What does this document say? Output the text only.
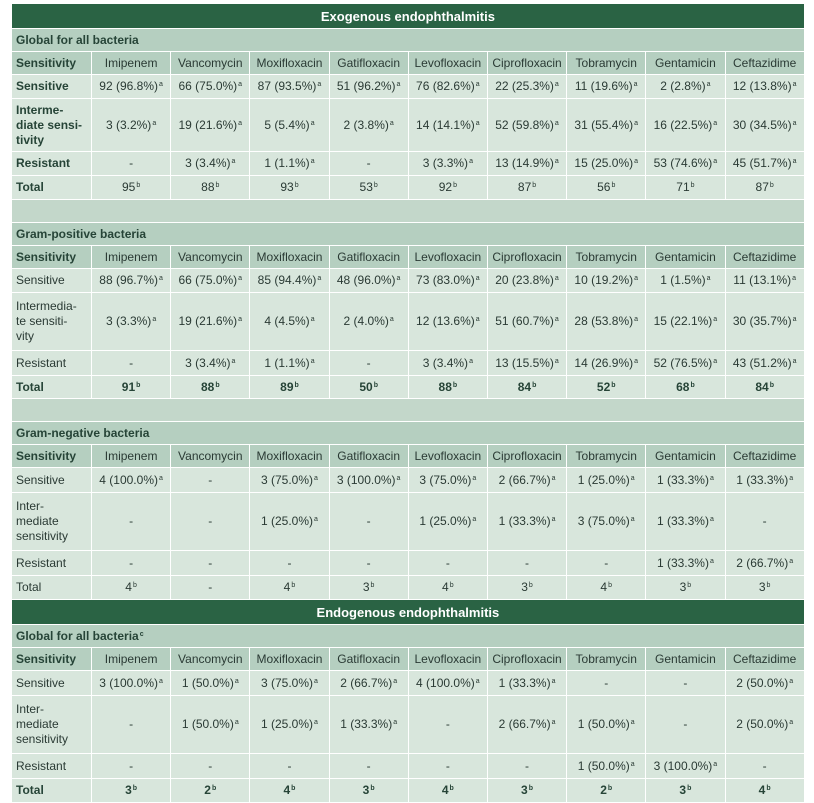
Exogenous endophthalmitis									
Global for all bacteria									
Sensitivity	Imipenem	Vancomycin	Moxifloxacin	Gatifloxacin	Levofloxacin	Ciprofloxacin	Tobramycin	Gentamicin	Ceftazidime
Sensitive	92 $(96.8\%)^a$	66 $(75.0\%)^a$	87 $(93.5\%)^a$	51 $(96.2\%)^a$	76 $(82.6\%)^a$	22 $(25.3\%)^a$	11 $(19.6\%)^a$	2 $(2.8\%)^a$	12 $(13.8\%)^a$
Interme-
diate sensi-
tivity	3 $(3.2\%)^a$	19 $(21.6\%)^a$	5 $(5.4\%)^a$	2 $(3.8\%)^a$	14 $(14.1\%)^a$	52 $(59.8\%)^a$	31 $(55.4\%)^a$	16 $(22.5\%)^a$	30 $(34.5\%)^a$
Resistant	-	3 $(3.4\%)^a$	1 $(1.1\%)^a$	-	3 $(3.3\%)^a$	13 $(14.9\%)^a$	15 $(25.0\%)^a$	53 $(74.6\%)^a$	45 $(51.7\%)^a$
Total	95$^b$	88$^b$	93$^b$	53$^b$	92$^b$	87$^b$	56$^b$	71$^b$	87$^b$

Gram-positive bacteria									
Sensitivity	Imipenem	Vancomycin	Moxifloxacin	Gatifloxacin	Levofloxacin	Ciprofloxacin	Tobramycin	Gentamicin	Ceftazidime
Sensitive	88 $(96.7\%)^a$	66 $(75.0\%)^a$	85 $(94.4\%)^a$	48 $(96.0\%)^a$	73 $(83.0\%)^a$	20 $(23.8\%)^a$	10 $(19.2\%)^a$	1 $(1.5\%)^a$	11 $(13.1\%)^a$
Intermedia-
te sensiti-
vity	3 $(3.3\%)^a$	19 $(21.6\%)^a$	4 $(4.5\%)^a$	2 $(4.0\%)^a$	12 $(13.6\%)^a$	51 $(60.7\%)^a$	28 $(53.8\%)^a$	15 $(22.1\%)^a$	30 $(35.7\%)^a$
Resistant	-	3 $(3.4\%)^a$	1 $(1.1\%)^a$	-	3 $(3.4\%)^a$	13 $(15.5\%)^a$	14 $(26.9\%)^a$	52 $(76.5\%)^a$	43 $(51.2\%)^a$
Total	91$^b$	88$^b$	89$^b$	50$^b$	88$^b$	84$^b$	52$^b$	68$^b$	84$^b$

Gram-negative bacteria									
Sensitivity	Imipenem	Vancomycin	Moxifloxacin	Gatifloxacin	Levofloxacin	Ciprofloxacin	Tobramycin	Gentamicin	Ceftazidime
Sensitive	4 $(100.0\%)^a$	-	3 $(75.0\%)^a$	3 $(100.0\%)^a$	3 $(75.0\%)^a$	2 $(66.7\%)^a$	1 $(25.0\%)^a$	1 $(33.3\%)^a$	1 $(33.3\%)^a$
Inter-
mediate
sensitivity	-	-	1 $(25.0\%)^a$	-	1 $(25.0\%)^a$	1 $(33.3\%)^a$	3 $(75.0\%)^a$	1 $(33.3\%)^a$	-
Resistant	-	-	-	-	-	-	-	1 $(33.3\%)^a$	2 $(66.7\%)^a$
Total	4$^b$	-	4$^b$	3$^b$	4$^b$	3$^b$	4$^b$	3$^b$	3$^b$
Endogenous endophthalmitis									
Global for all bacteria$^c$
Sensitivity	Imipenem	Vancomycin	Moxifloxacin	Gatifloxacin	Levofloxacin	Ciprofloxacin	Tobramycin	Gentamicin	Ceftazidime
Sensitive	3 $(100.0\%)^a$	1 $(50.0\%)^a$	3 $(75.0\%)^a$	2 $(66.7\%)^a$	4 $(100.0\%)^a$	1 $(33.3\%)^a$	-	-	2 $(50.0\%)^a$
Inter-
mediate
sensitivity	-	1 $(50.0\%)^a$	1 $(25.0\%)^a$	1 $(33.3\%)^a$	-	2 $(66.7\%)^a$	1 $(50.0\%)^a$	-	2 $(50.0\%)^a$
Resistant	-	-	-	-	-	-	1 $(50.0\%)^a$	3 $(100.0\%)^a$	-
Total	3$^b$	2$^b$	4$^b$	3$^b$	4$^b$	3$^b$	2$^b$	3$^b$	4$^b$
